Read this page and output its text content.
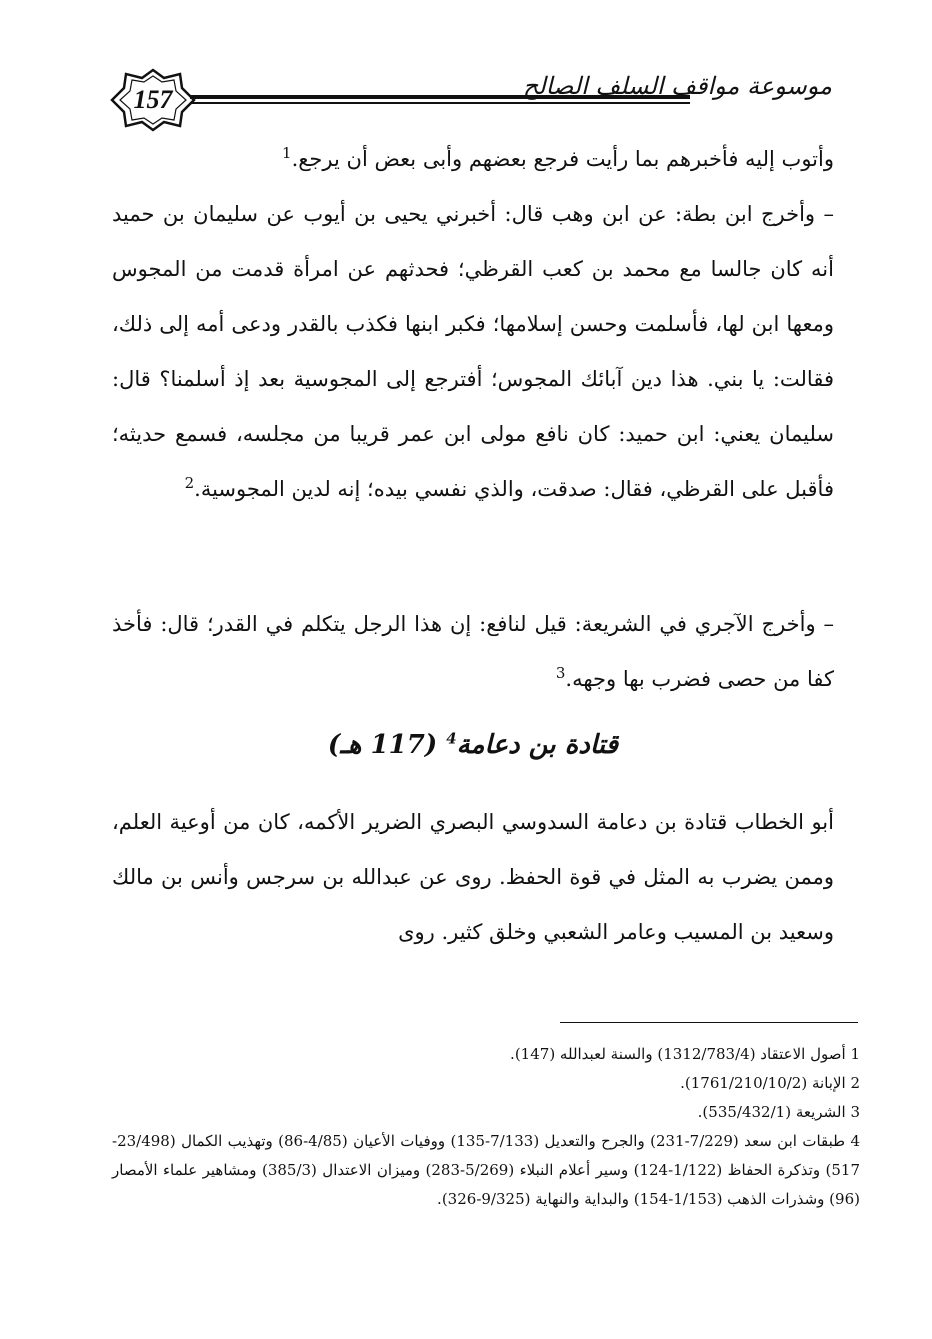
157	موسوعة مواقف السلف الصالح

وأتوب إليه فأخبرهم بما رأيت فرجع بعضهم وأبى بعض أن يرجع.$^1$

– وأخرج ابن بطة: عن ابن وهب قال: أخبرني يحيى بن أيوب عن سليمان بن حميد أنه كان جالسا مع محمد بن كعب القرظي؛ فحدثهم عن امرأة قدمت من المجوس ومعها ابن لها، فأسلمت وحسن إسلامها؛ فكبر ابنها فكذب بالقدر ودعى أمه إلى ذلك، فقالت: يا بني. هذا دين آبائك المجوس؛ أفترجع إلى المجوسية بعد إذ أسلمنا؟ قال: سليمان يعني: ابن حميد: كان نافع مولى ابن عمر قريبا من مجلسه، فسمع حديثه؛ فأقبل على القرظي، فقال: صدقت، والذي نفسي بيده؛ إنه لدين المجوسية.$^2$

– وأخرج الآجري في الشريعة: قيل لنافع: إن هذا الرجل يتكلم في القدر؛ قال: فأخذ كفا من حصى فضرب بها وجهه.$^3$

قتادة بن دعامة$^4$ (117 هـ)

أبو الخطاب قتادة بن دعامة السدوسي البصري الضرير الأكمه، كان من أوعية العلم، وممن يضرب به المثل في قوة الحفظ. روى عن عبدالله بن سرجس وأنس بن مالك وسعيد بن المسيب وعامر الشعبي وخلق كثير. روى

1 أصول الاعتقاد (1312/783/4) والسنة لعبدالله (147).

2 الإبانة (1761/210/10/2).

3 الشريعة (535/432/1).

4 طبقات ابن سعد (7/229-231) والجرح والتعديل (7/133-135) ووفيات الأعيان (4/85-86) وتهذيب الكمال (23/498-517) وتذكرة الحفاظ (1/122-124) وسير أعلام النبلاء (5/269-283) وميزان الاعتدال (385/3) ومشاهير علماء الأمصار (96) وشذرات الذهب (1/153-154) والبداية والنهاية (9/325-326).
